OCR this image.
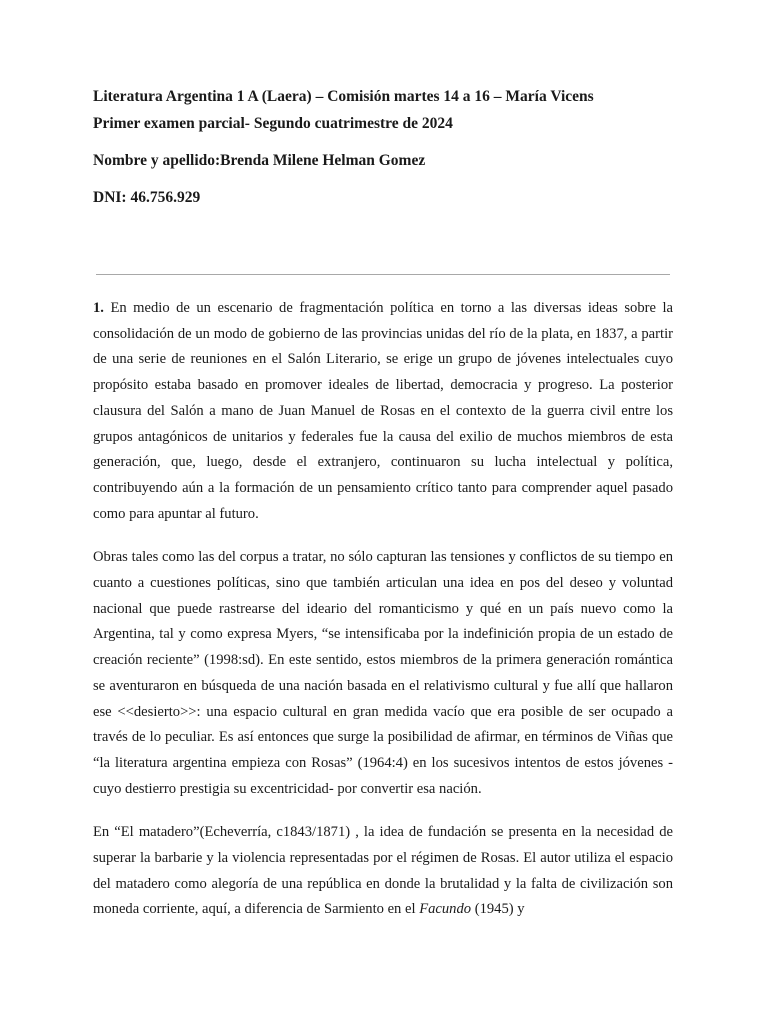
Literatura Argentina 1 A (Laera) – Comisión martes 14 a 16 – María Vicens

Primer examen parcial- Segundo cuatrimestre de 2024

Nombre y apellido:Brenda Milene Helman Gomez

DNI: 46.756.929

1. En medio de un escenario de fragmentación política en torno a las diversas ideas sobre la consolidación de un modo de gobierno de las provincias unidas del río de la plata, en 1837, a partir de una serie de reuniones en el Salón Literario, se erige un grupo de jóvenes intelectuales cuyo propósito estaba basado en promover ideales de libertad, democracia y progreso. La posterior clausura del Salón a mano de Juan Manuel de Rosas en el contexto de la guerra civil entre los grupos antagónicos de unitarios y federales fue la causa del exilio de muchos miembros de esta generación, que, luego, desde el extranjero, continuaron su lucha intelectual y política, contribuyendo aún a la formación de un pensamiento crítico tanto para comprender aquel pasado como para apuntar al futuro.

Obras tales como las del corpus a tratar, no sólo capturan las tensiones y conflictos de su tiempo en cuanto a cuestiones políticas, sino que también articulan una idea en pos del deseo y voluntad nacional que puede rastrearse del ideario del romanticismo y qué en un país nuevo como la Argentina, tal y como expresa Myers, “se intensificaba por la indefinición propia de un estado de creación reciente” (1998:sd). En este sentido, estos miembros de la primera generación romántica se aventuraron en búsqueda de una nación basada en el relativismo cultural y fue allí que hallaron ese <<desierto>>: una espacio cultural en gran medida vacío que era posible de ser ocupado a través de lo peculiar. Es así entonces que surge la posibilidad de afirmar, en términos de Viñas que “la literatura argentina empieza con Rosas” (1964:4) en los sucesivos intentos de estos jóvenes -cuyo destierro prestigia su excentricidad- por convertir esa nación.

En “El matadero”(Echeverría, c1843/1871) , la idea de fundación se presenta en la necesidad de superar la barbarie y la violencia representadas por el régimen de Rosas. El autor utiliza el espacio del matadero como alegoría de una república en donde la brutalidad y la falta de civilización son moneda corriente, aquí, a diferencia de Sarmiento en el Facundo (1945) y
